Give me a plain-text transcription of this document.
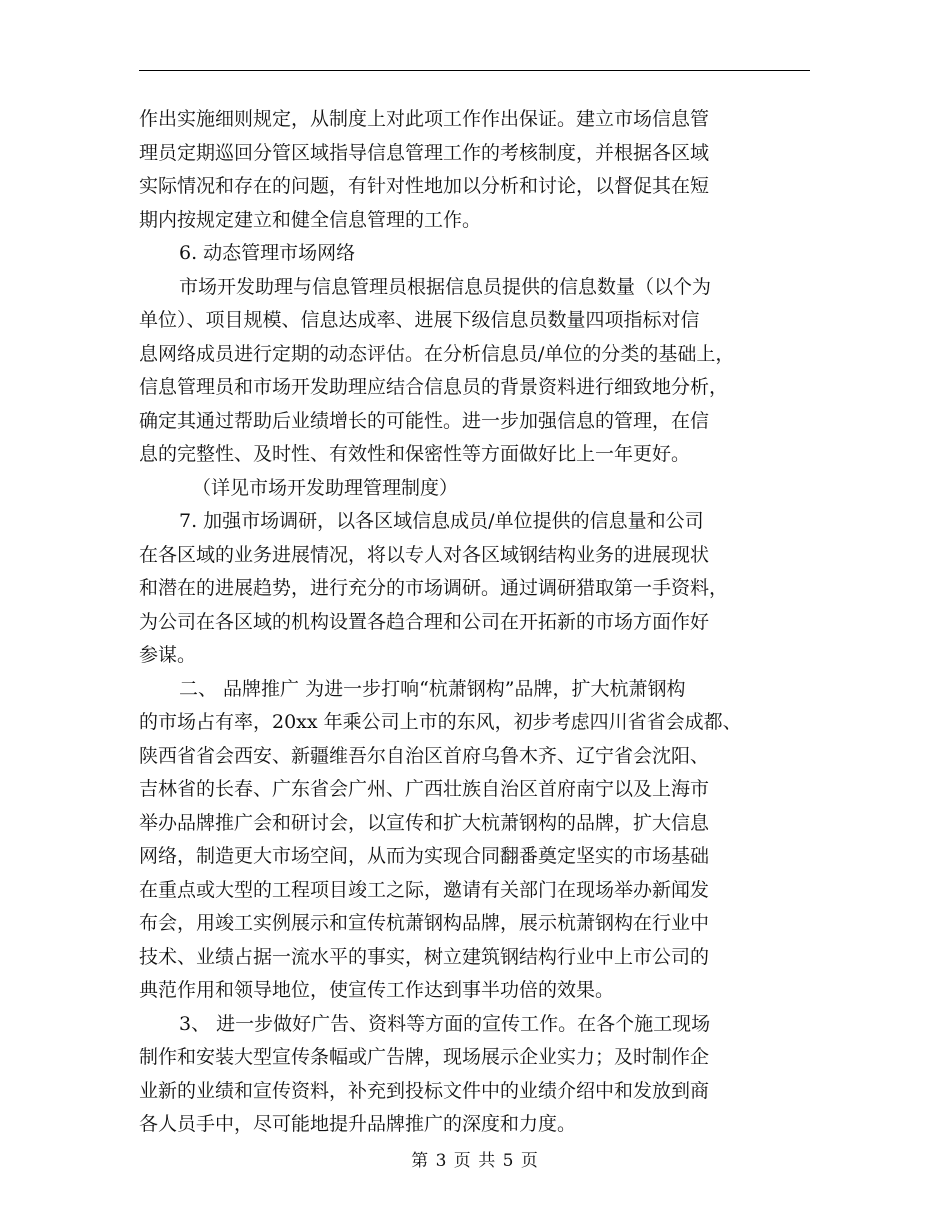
作出实施细则规定，从制度上对此项工作作出保证。建立市场信息管
理员定期巡回分管区域指导信息管理工作的考核制度，并根据各区域
实际情况和存在的问题，有针对性地加以分析和讨论，以督促其在短
期内按规定建立和健全信息管理的工作。
6. 动态管理市场网络
市场开发助理与信息管理员根据信息员提供的信息数量（以个为
单位）、项目规模、信息达成率、进展下级信息员数量四项指标对信
息网络成员进行定期的动态评估。在分析信息员/单位的分类的基础上，
信息管理员和市场开发助理应结合信息员的背景资料进行细致地分析，
确定其通过帮助后业绩增长的可能性。进一步加强信息的管理，在信
息的完整性、及时性、有效性和保密性等方面做好比上一年更好。
（详见市场开发助理管理制度）
7. 加强市场调研，以各区域信息成员/单位提供的信息量和公司
在各区域的业务进展情况，将以专人对各区域钢结构业务的进展现状
和潜在的进展趋势，进行充分的市场调研。通过调研猎取第一手资料，
为公司在各区域的机构设置各趋合理和公司在开拓新的市场方面作好
参谋。
二、 品牌推广 为进一步打响“杭萧钢构”品牌，扩大杭萧钢构
的市场占有率，20xx 年乘公司上市的东风，初步考虑四川省省会成都、
陕西省省会西安、新疆维吾尔自治区首府乌鲁木齐、辽宁省会沈阳、
吉林省的长春、广东省会广州、广西壮族自治区首府南宁以及上海市
举办品牌推广会和研讨会，以宣传和扩大杭萧钢构的品牌，扩大信息
网络，制造更大市场空间，从而为实现合同翻番奠定坚实的市场基础
在重点或大型的工程项目竣工之际，邀请有关部门在现场举办新闻发
布会，用竣工实例展示和宣传杭萧钢构品牌，展示杭萧钢构在行业中
技术、业绩占据一流水平的事实，树立建筑钢结构行业中上市公司的
典范作用和领导地位，使宣传工作达到事半功倍的效果。
3、 进一步做好广告、资料等方面的宣传工作。在各个施工现场
制作和安装大型宣传条幅或广告牌，现场展示企业实力；及时制作企
业新的业绩和宣传资料，补充到投标文件中的业绩介绍中和发放到商
各人员手中，尽可能地提升品牌推广的深度和力度。
第 3 页 共 5 页
